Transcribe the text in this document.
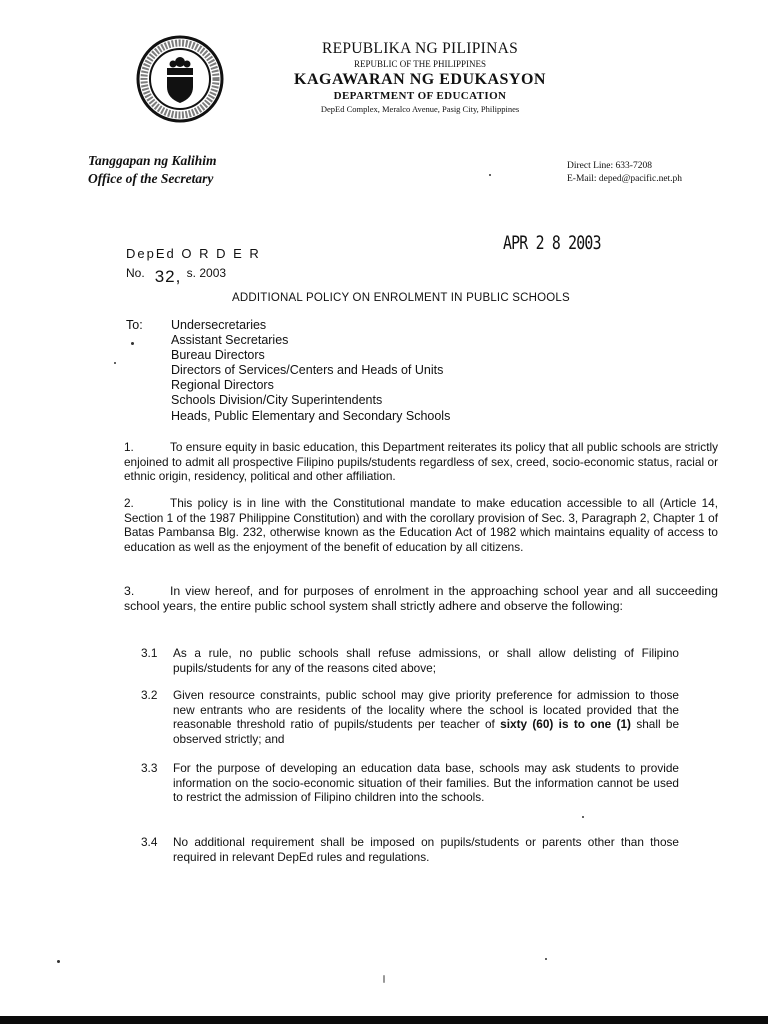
REPUBLIKA NG PILIPINAS
REPUBLIC OF THE PHILIPPINES
KAGAWARAN NG EDUKASYON
DEPARTMENT OF EDUCATION
DepEd Complex, Meralco Avenue, Pasig City, Philippines
Tanggapan ng Kalihim
Office of the Secretary
Direct Line: 633-7208
E-Mail: deped@pacific.net.ph
DepEd O R D E R
No. 32, s. 2003
APR 2 8 2003
ADDITIONAL POLICY ON ENROLMENT IN PUBLIC SCHOOLS
To: Undersecretaries
Assistant Secretaries
Bureau Directors
Directors of Services/Centers and Heads of Units
Regional Directors
Schools Division/City Superintendents
Heads, Public Elementary and Secondary Schools
1.	To ensure equity in basic education, this Department reiterates its policy that all public schools are strictly enjoined to admit all prospective Filipino pupils/students regardless of sex, creed, socio-economic status, racial or ethnic origin, residency, political and other affiliation.
2.	This policy is in line with the Constitutional mandate to make education accessible to all (Article 14, Section 1 of the 1987 Philippine Constitution) and with the corollary provision of Sec. 3, Paragraph 2, Chapter 1 of Batas Pambansa Blg. 232, otherwise known as the Education Act of 1982 which maintains equality of access to education as well as the enjoyment of the benefit of education by all citizens.
3.	In view hereof, and for purposes of enrolment in the approaching school year and all succeeding school years, the entire public school system shall strictly adhere and observe the following:
3.1 As a rule, no public schools shall refuse admissions, or shall allow delisting of Filipino pupils/students for any of the reasons cited above;
3.2 Given resource constraints, public school may give priority preference for admission to those new entrants who are residents of the locality where the school is located provided that the reasonable threshold ratio of pupils/students per teacher of sixty (60) is to one (1) shall be observed strictly; and
3.3 For the purpose of developing an education data base, schools may ask students to provide information on the socio-economic situation of their families. But the information cannot be used to restrict the admission of Filipino children into the schools.
3.4 No additional requirement shall be imposed on pupils/students or parents other than those required in relevant DepEd rules and regulations.
